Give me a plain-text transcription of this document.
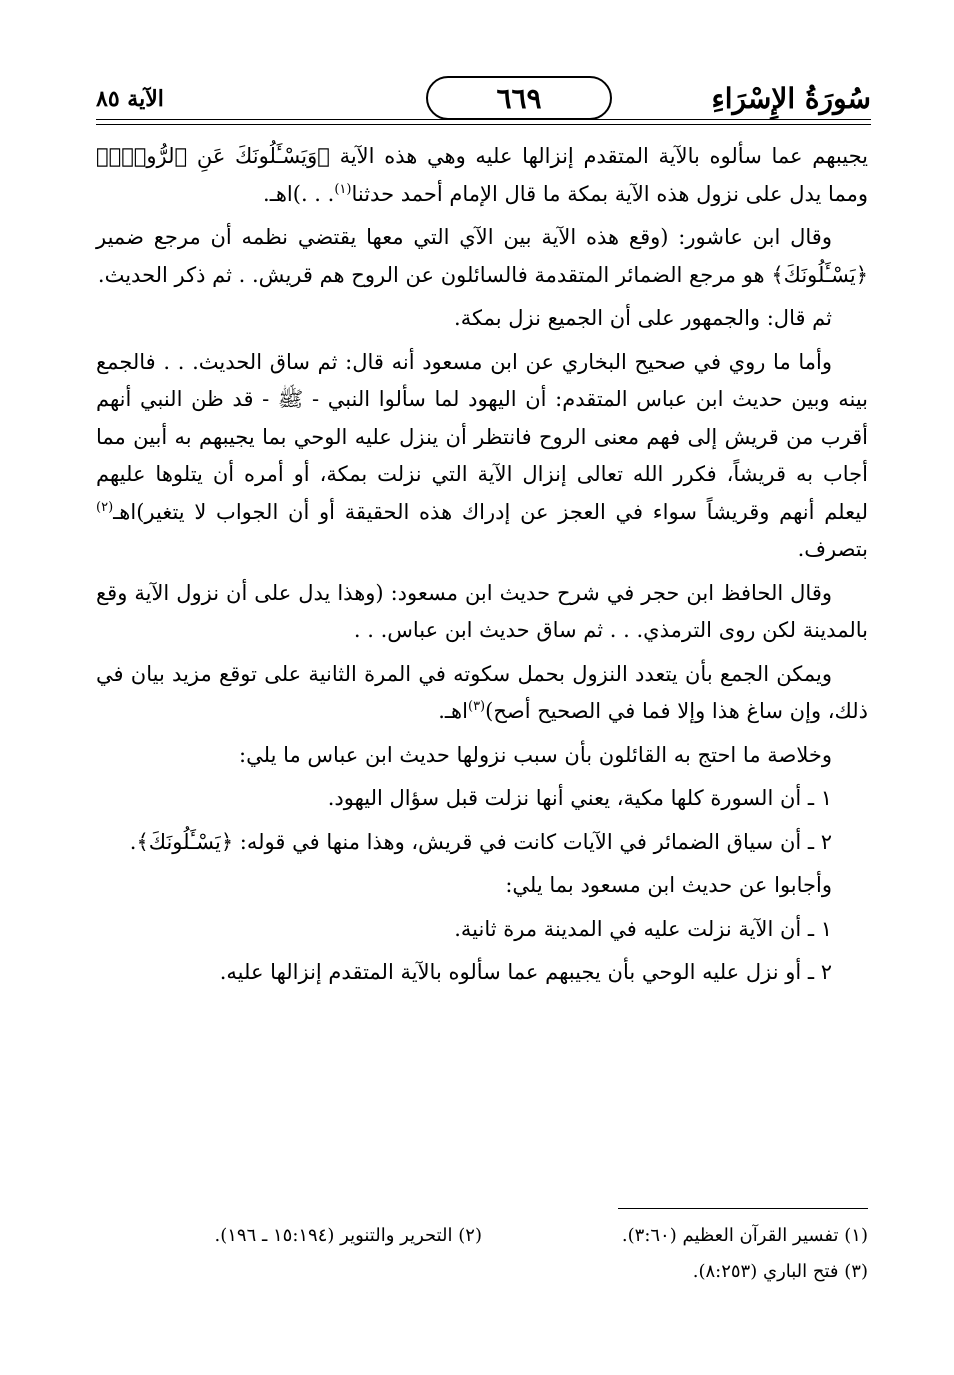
سُورَةُ الإِسْرَاءِ
٦٦٩
الآية ٨٥

يجيبهم عما سألوه بالآية المتقدم إنزالها عليه وهي هذه الآية ﴿وَيَسْـَٔلُونَكَ عَنِ ٱلرُّوحِۖ﴾ ومما يدل على نزول هذه الآية بمكة ما قال الإمام أحمد حدثنا$^{(١)}$. . .)اهـ.

وقال ابن عاشور: (وقع هذه الآية بين الآي التي معها يقتضي نظمه أن مرجع ضمير ﴿يَسْـَٔلُونَكَ﴾ هو مرجع الضمائر المتقدمة فالسائلون عن الروح هم قريش. . ثم ذكر الحديث.

ثم قال: والجمهور على أن الجميع نزل بمكة.

وأما ما روي في صحيح البخاري عن ابن مسعود أنه قال: ثم ساق الحديث. . . فالجمع بينه وبين حديث ابن عباس المتقدم: أن اليهود لما سألوا النبي - ﷺ - قد ظن النبي أنهم أقرب من قريش إلى فهم معنى الروح فانتظر أن ينزل عليه الوحي بما يجيبهم به أبين مما أجاب به قريشاً، فكرر الله تعالى إنزال الآية التي نزلت بمكة، أو أمره أن يتلوها عليهم ليعلم أنهم وقريشاً سواء في العجز عن إدراك هذه الحقيقة أو أن الجواب لا يتغير)اهـ$^{(٢)}$ بتصرف.

وقال الحافظ ابن حجر في شرح حديث ابن مسعود: (وهذا يدل على أن نزول الآية وقع بالمدينة لكن روى الترمذي. . . ثم ساق حديث ابن عباس. . .

ويمكن الجمع بأن يتعدد النزول بحمل سكوته في المرة الثانية على توقع مزيد بيان في ذلك، وإن ساغ هذا وإلا فما في الصحيح أصح)$^{(٣)}$اهـ.

وخلاصة ما احتج به القائلون بأن سبب نزولها حديث ابن عباس ما يلي:

١ ـ أن السورة كلها مكية، يعني أنها نزلت قبل سؤال اليهود.

٢ ـ أن سياق الضمائر في الآيات كانت في قريش، وهذا منها في قوله: ﴿يَسْـَٔلُونَكَ﴾.

وأجابوا عن حديث ابن مسعود بما يلي:

١ ـ أن الآية نزلت عليه في المدينة مرة ثانية.

٢ ـ أو نزل عليه الوحي بأن يجيبهم عما سألوه بالآية المتقدم إنزالها عليه.

(١) تفسير القرآن العظيم (٣:٦٠).
(٢) التحرير والتنوير (١٥:١٩٤ ـ ١٩٦).
(٣) فتح الباري (٨:٢٥٣).
